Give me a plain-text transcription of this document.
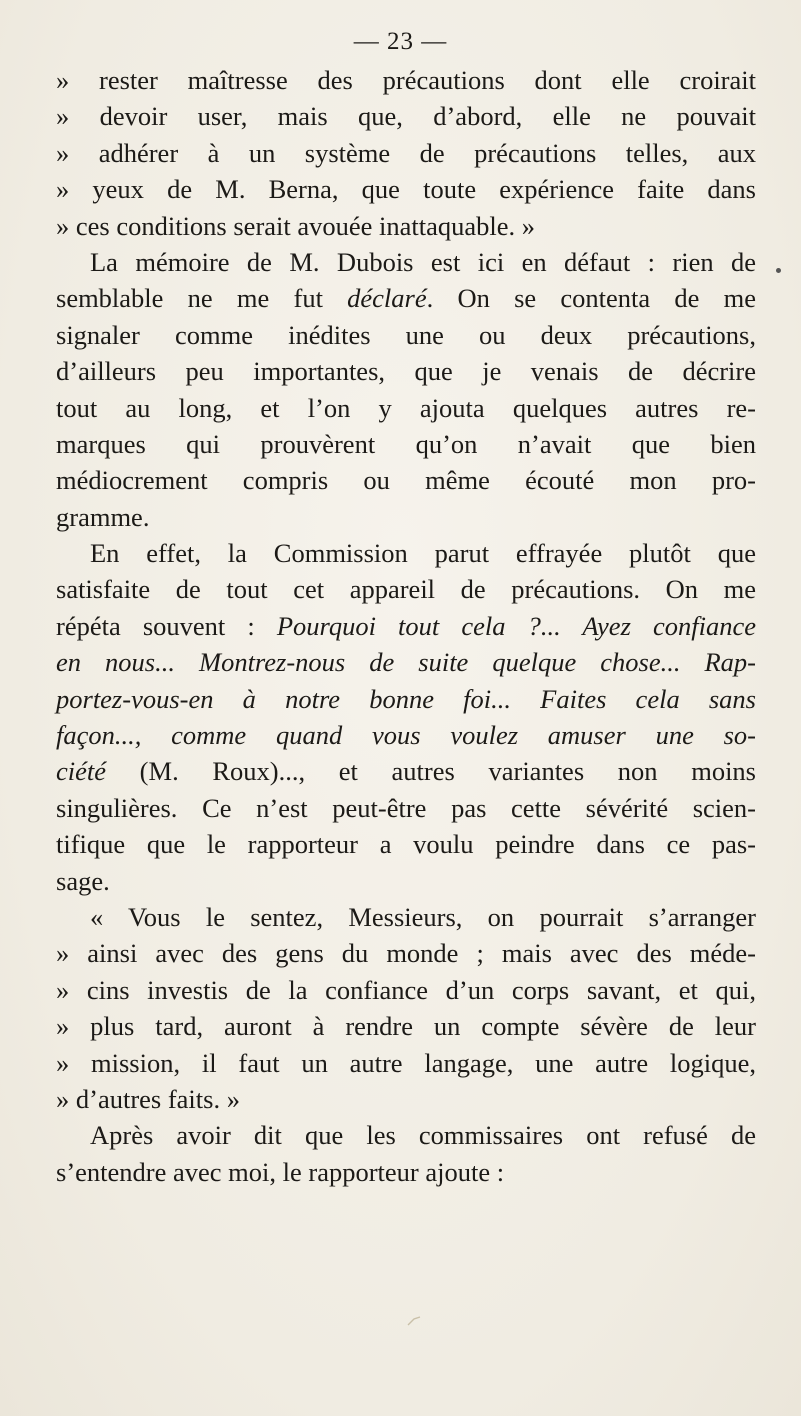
— 23 —
» rester maîtresse des précautions dont elle croirait
» devoir user, mais que, d’abord, elle ne pouvait
» adhérer à un système de précautions telles, aux
» yeux de M. Berna, que toute expérience faite dans
» ces conditions serait avouée inattaquable. »
La mémoire de M. Dubois est ici en défaut : rien de
semblable ne me fut déclaré. On se contenta de me
signaler comme inédites une ou deux précautions,
d’ailleurs peu importantes, que je venais de décrire
tout au long, et l’on y ajouta quelques autres re-
marques qui prouvèrent qu’on n’avait que bien
médiocrement compris ou même écouté mon pro-
gramme.
En effet, la Commission parut effrayée plutôt que
satisfaite de tout cet appareil de précautions. On me
répéta souvent : Pourquoi tout cela ?... Ayez confiance
en nous... Montrez-nous de suite quelque chose... Rap-
portez-vous-en à notre bonne foi... Faites cela sans
façon..., comme quand vous voulez amuser une so-
ciété (M. Roux)..., et autres variantes non moins
singulières. Ce n’est peut-être pas cette sévérité scien-
tifique que le rapporteur a voulu peindre dans ce pas-
sage.
« Vous le sentez, Messieurs, on pourrait s’arranger
» ainsi avec des gens du monde ; mais avec des méde-
» cins investis de la confiance d’un corps savant, et qui,
» plus tard, auront à rendre un compte sévère de leur
» mission, il faut un autre langage, une autre logique,
» d’autres faits. »
Après avoir dit que les commissaires ont refusé de
s’entendre avec moi, le rapporteur ajoute :
